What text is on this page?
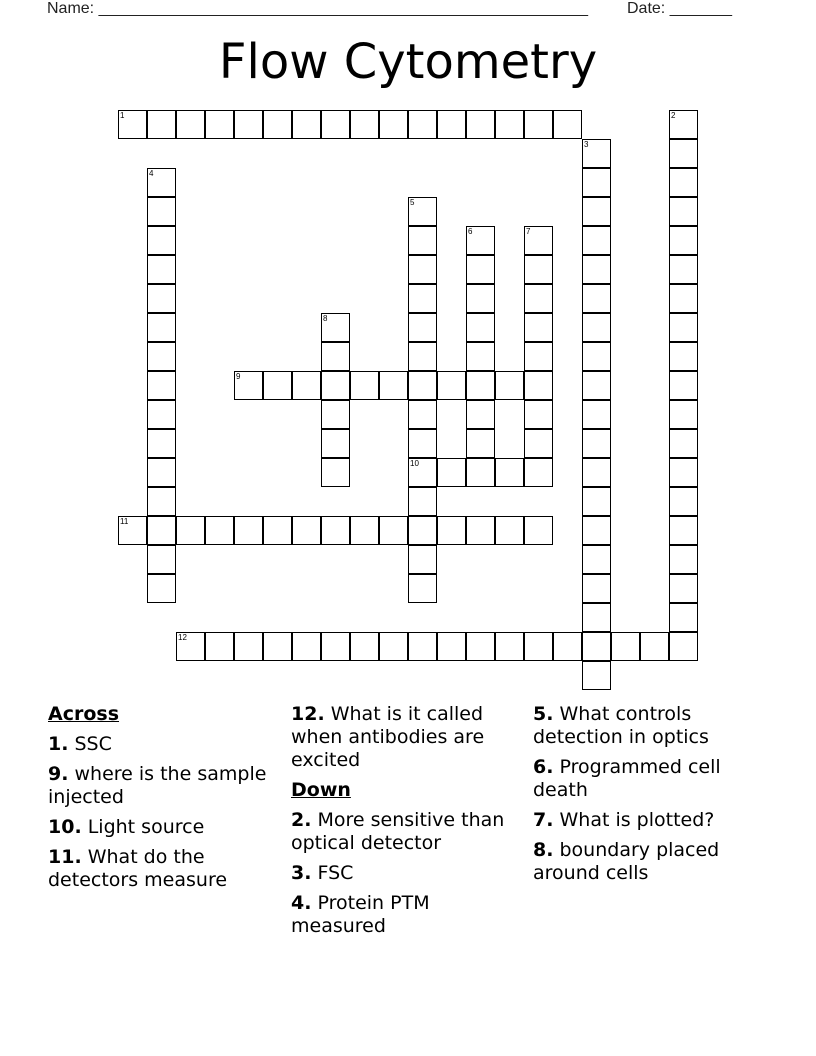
Name: _______________________________________________________ Date: _______
Flow Cytometry
1	2
3
4
5
10
6	7
8
9
11
12
Across
1. SSC
9. where is the sample injected
10. Light source
11. What do the detectors measure
12. What is it called when antibodies are excited
Down
2. More sensitive than optical detector
3. FSC
4. Protein PTM measured
5. What controls detection in optics
6. Programmed cell death
7. What is plotted?
8. boundary placed around cells
